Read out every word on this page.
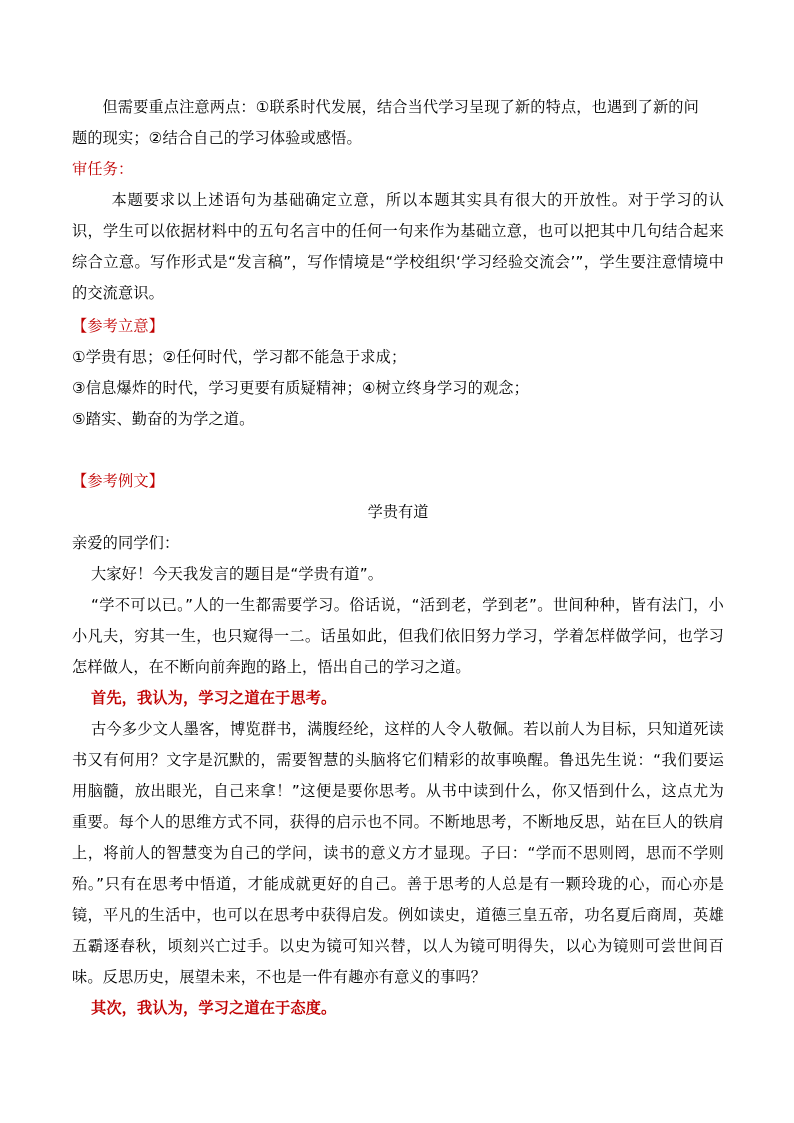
但需要重点注意两点：①联系时代发展，结合当代学习呈现了新的特点，也遇到了新的问

题的现实；②结合自己的学习体验或感悟。

审任务：

本题要求以上述语句为基础确定立意，所以本题其实具有很大的开放性。对于学习的认识，学生可以依据材料中的五句名言中的任何一句来作为基础立意，也可以把其中几句结合起来综合立意。写作形式是“发言稿”，写作情境是“学校组织‘学习经验交流会’”，学生要注意情境中的交流意识。

【参考立意】

①学贵有思；②任何时代，学习都不能急于求成；

③信息爆炸的时代，学习更要有质疑精神；④树立终身学习的观念；

⑤踏实、勤奋的为学之道。

【参考例文】

学贵有道

亲爱的同学们：

大家好！今天我发言的题目是“学贵有道”。

“学不可以已。”人的一生都需要学习。俗话说，“活到老，学到老”。世间种种，皆有法门，小小凡夫，穷其一生，也只窥得一二。话虽如此，但我们依旧努力学习，学着怎样做学问，也学习怎样做人，在不断向前奔跑的路上，悟出自己的学习之道。

首先，我认为，学习之道在于思考。

古今多少文人墨客，博览群书，满腹经纶，这样的人令人敬佩。若以前人为目标，只知道死读书又有何用？文字是沉默的，需要智慧的头脑将它们精彩的故事唤醒。鲁迅先生说：“我们要运用脑髓，放出眼光，自己来拿！”这便是要你思考。从书中读到什么，你又悟到什么，这点尤为重要。每个人的思维方式不同，获得的启示也不同。不断地思考，不断地反思，站在巨人的铁肩上，将前人的智慧变为自己的学问，读书的意义方才显现。子曰：“学而不思则罔，思而不学则殆。”只有在思考中悟道，才能成就更好的自己。善于思考的人总是有一颗玲珑的心，而心亦是镜，平凡的生活中，也可以在思考中获得启发。例如读史，道德三皇五帝，功名夏后商周，英雄五霸逐春秋，顷刻兴亡过手。以史为镜可知兴替，以人为镜可明得失，以心为镜则可尝世间百味。反思历史，展望未来，不也是一件有趣亦有意义的事吗？

其次，我认为，学习之道在于态度。
